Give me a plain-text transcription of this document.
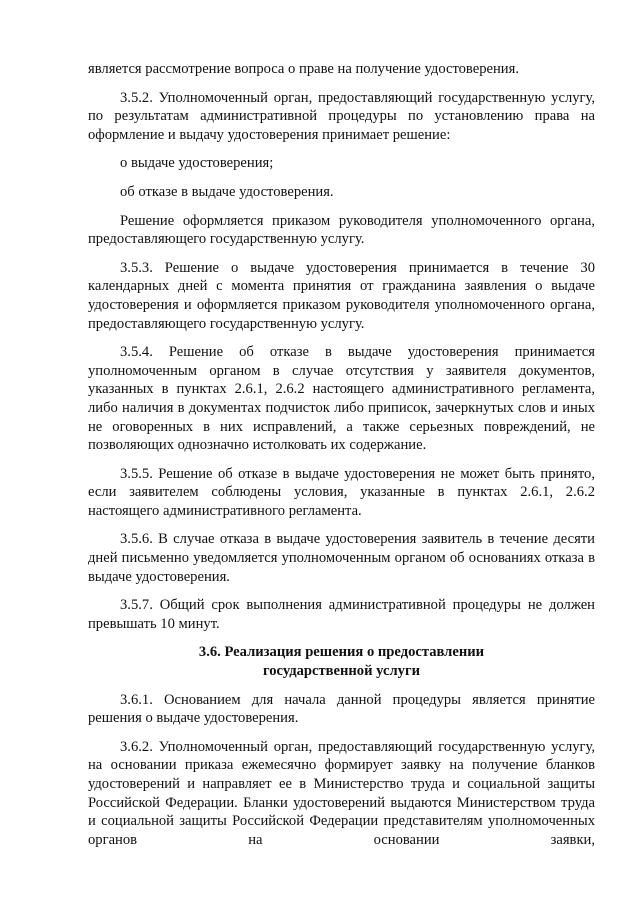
является рассмотрение вопроса о праве на получение удостоверения.

3.5.2. Уполномоченный орган, предоставляющий государственную услугу, по результатам административной процедуры по установлению права на оформление и выдачу удостоверения принимает решение:

о выдаче удостоверения;

об отказе в выдаче удостоверения.

Решение оформляется приказом руководителя уполномоченного органа, предоставляющего государственную услугу.

3.5.3. Решение о выдаче удостоверения принимается в течение 30 календарных дней с момента принятия от гражданина заявления о выдаче удостоверения и оформляется приказом руководителя уполномоченного органа, предоставляющего государственную услугу.

3.5.4. Решение об отказе в выдаче удостоверения принимается уполномоченным органом в случае отсутствия у заявителя документов, указанных в пунктах 2.6.1, 2.6.2 настоящего административного регламента, либо наличия в документах подчисток либо приписок, зачеркнутых слов и иных не оговоренных в них исправлений, а также серьезных повреждений, не позволяющих однозначно истолковать их содержание.

3.5.5. Решение об отказе в выдаче удостоверения не может быть принято, если заявителем соблюдены условия, указанные в пунктах 2.6.1, 2.6.2 настоящего административного регламента.

3.5.6. В случае отказа в выдаче удостоверения заявитель в течение десяти дней письменно уведомляется уполномоченным органом об основаниях отказа в выдаче удостоверения.

3.5.7. Общий срок выполнения административной процедуры не должен превышать 10 минут.

3.6. Реализация решения о предоставлении
государственной услуги

3.6.1. Основанием для начала данной процедуры является принятие решения о выдаче удостоверения.

3.6.2. Уполномоченный орган, предоставляющий государственную услугу, на основании приказа ежемесячно формирует заявку на получение бланков удостоверений и направляет ее в Министерство труда и социальной защиты Российской Федерации. Бланки удостоверений выдаются Министерством труда и социальной защиты Российской Федерации представителям уполномоченных органов на основании заявки,
